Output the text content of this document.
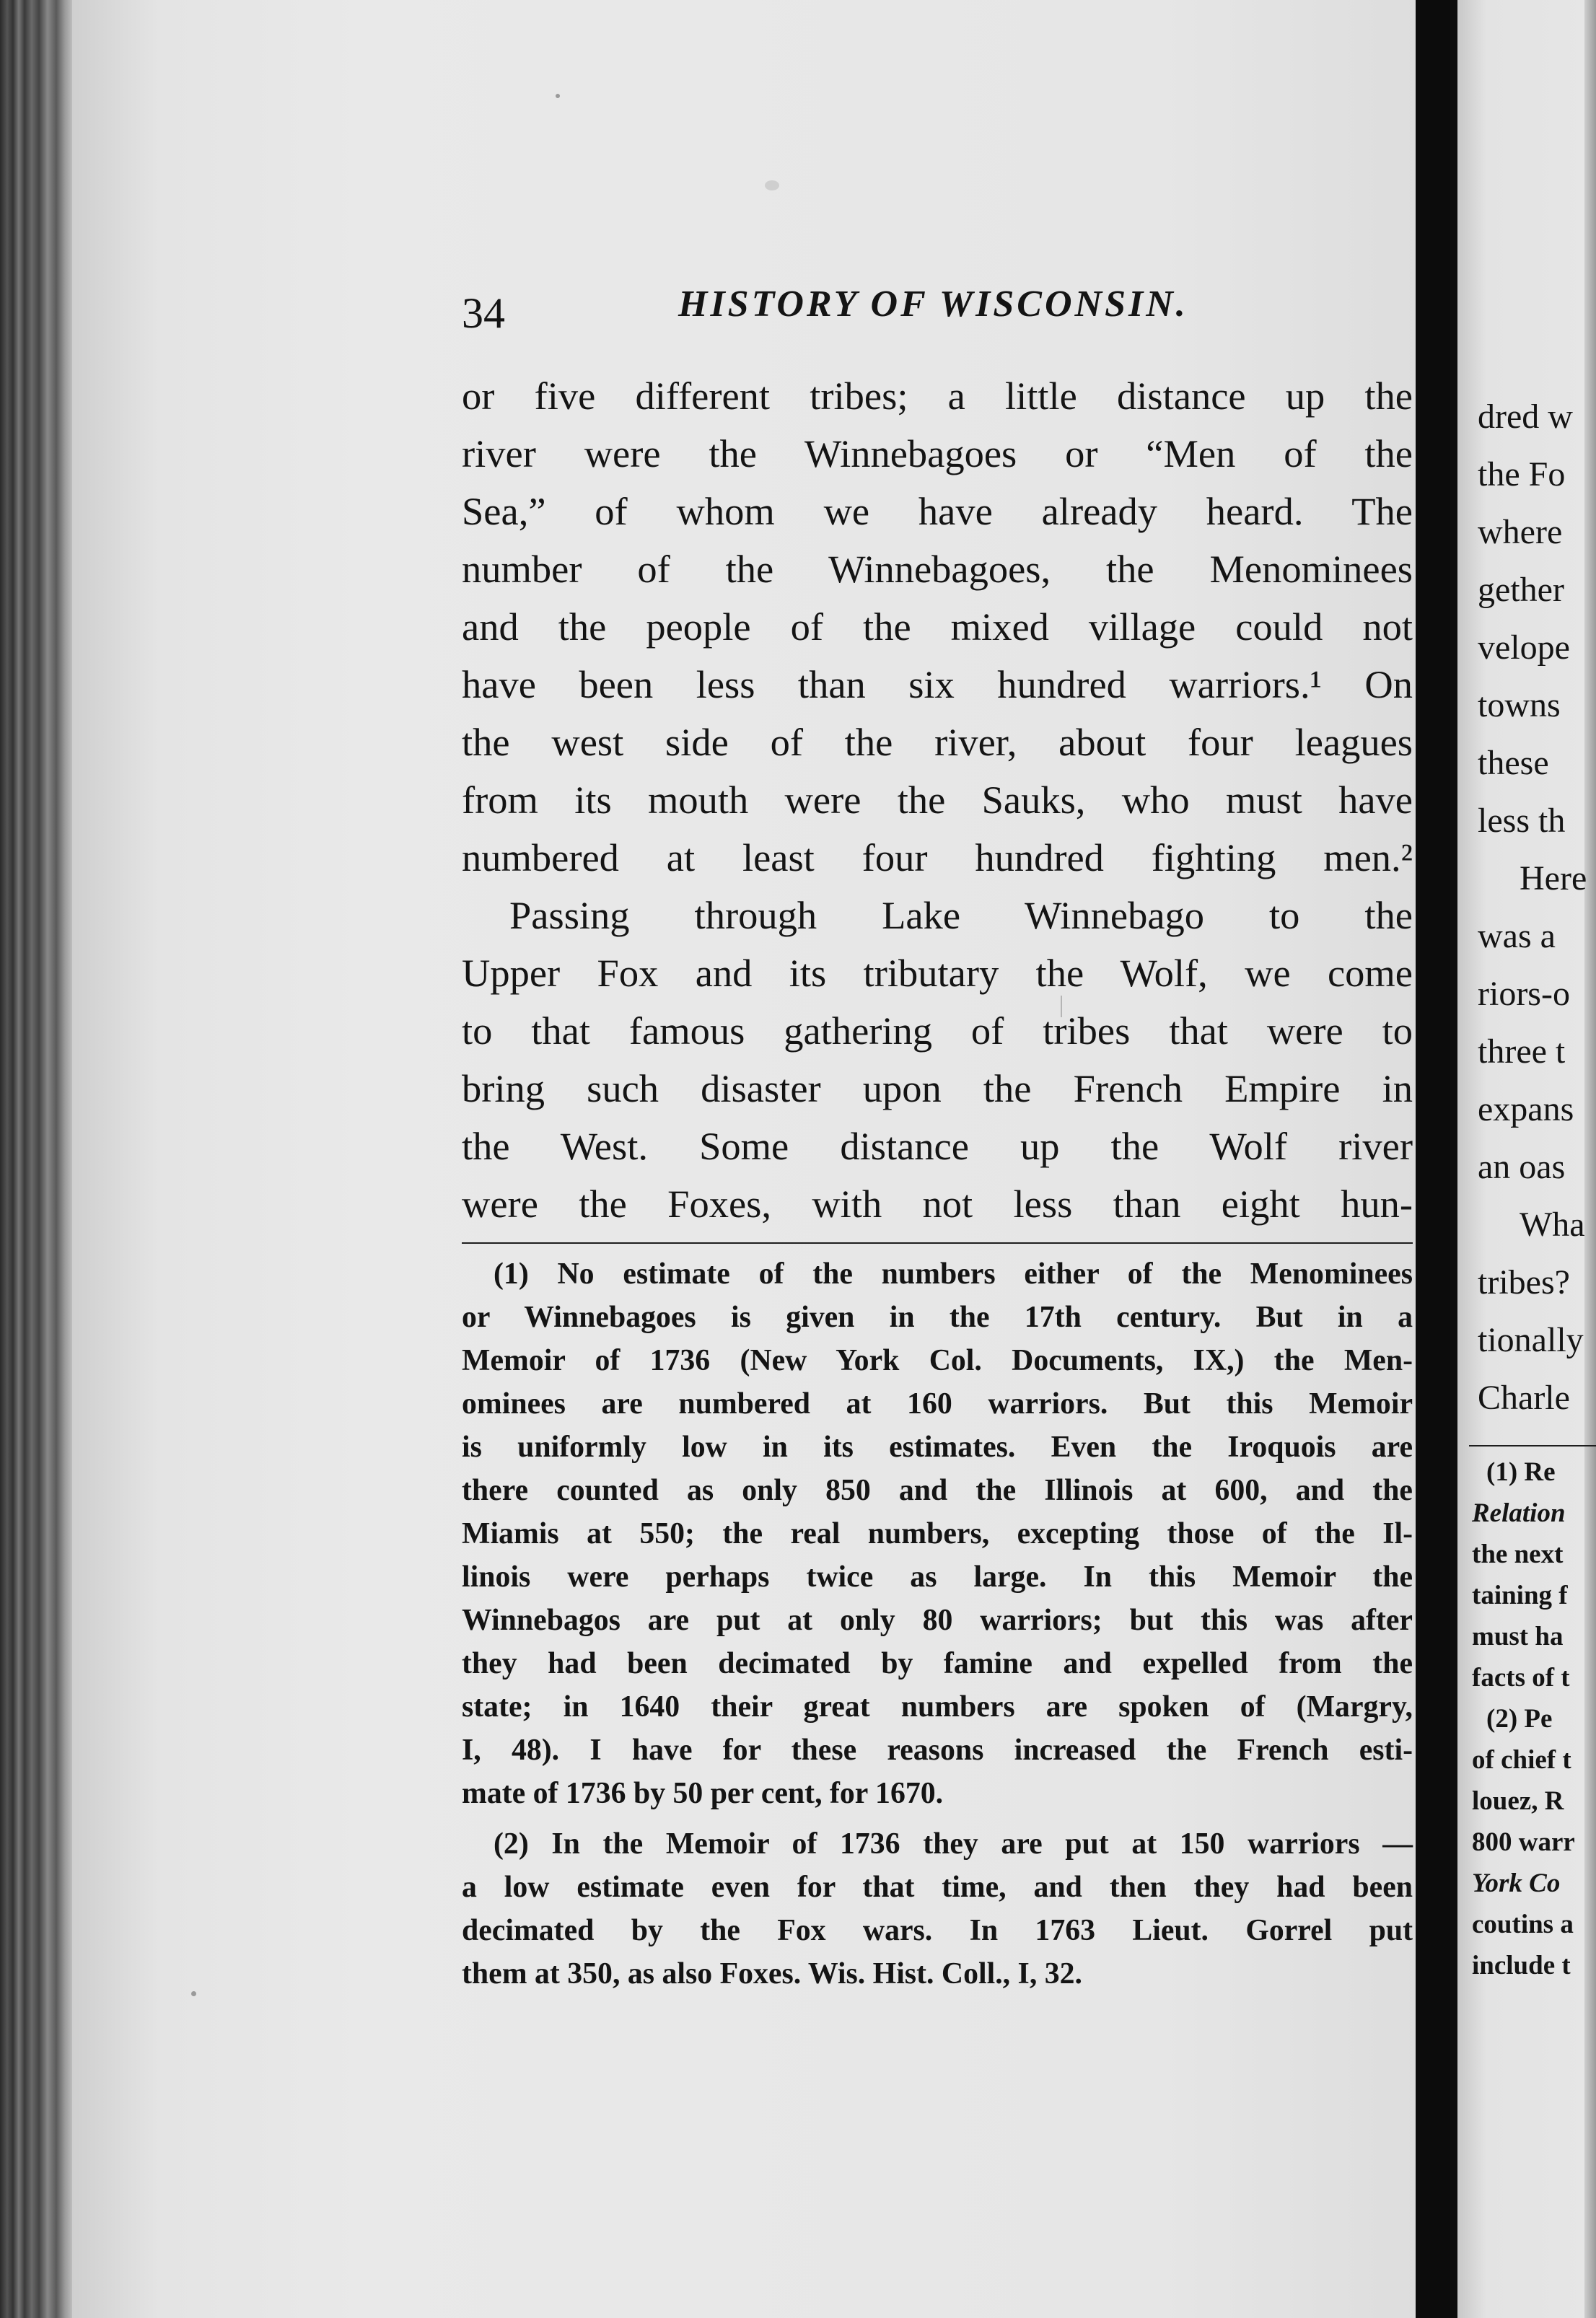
34	HISTORY OF WISCONSIN.
or five different tribes; a little distance up the
river were the Winnebagoes or “Men of the
Sea,” of whom we have already heard. The
number of the Winnebagoes, the Menominees
and the people of the mixed village could not
have been less than six hundred warriors.¹ On
the west side of the river, about four leagues
from its mouth were the Sauks, who must have
numbered at least four hundred fighting men.²
Passing through Lake Winnebago to the
Upper Fox and its tributary the Wolf, we come
to that famous gathering of tribes that were to
bring such disaster upon the French Empire in
the West. Some distance up the Wolf river
were the Foxes, with not less than eight hun-
(1) No estimate of the numbers either of the Menominees
or Winnebagoes is given in the 17th century. But in a
Memoir of 1736 (New York Col. Documents, IX,) the Men-
ominees are numbered at 160 warriors. But this Memoir
is uniformly low in its estimates. Even the Iroquois are
there counted as only 850 and the Illinois at 600, and the
Miamis at 550; the real numbers, excepting those of the Il-
linois were perhaps twice as large. In this Memoir the
Winnebagos are put at only 80 warriors; but this was after
they had been decimated by famine and expelled from the
state; in 1640 their great numbers are spoken of (Margry,
I, 48). I have for these reasons increased the French esti-
mate of 1736 by 50 per cent, for 1670.
(2) In the Memoir of 1736 they are put at 150 warriors —
a low estimate even for that time, and then they had been
decimated by the Fox wars. In 1763 Lieut. Gorrel put
them at 350, as also Foxes. Wis. Hist. Coll., I, 32.
dred w
the Fo
where
gether
velope
towns
these
less th
Here
was a
riors-o
three t
expans
an oas
Wha
tribes?
tionally
Charle
(1) Re
Relation
the next
taining f
must ha
facts of t
(2) Pe
of chief t
louez, R
800 warr
York Co
coutins a
include t
